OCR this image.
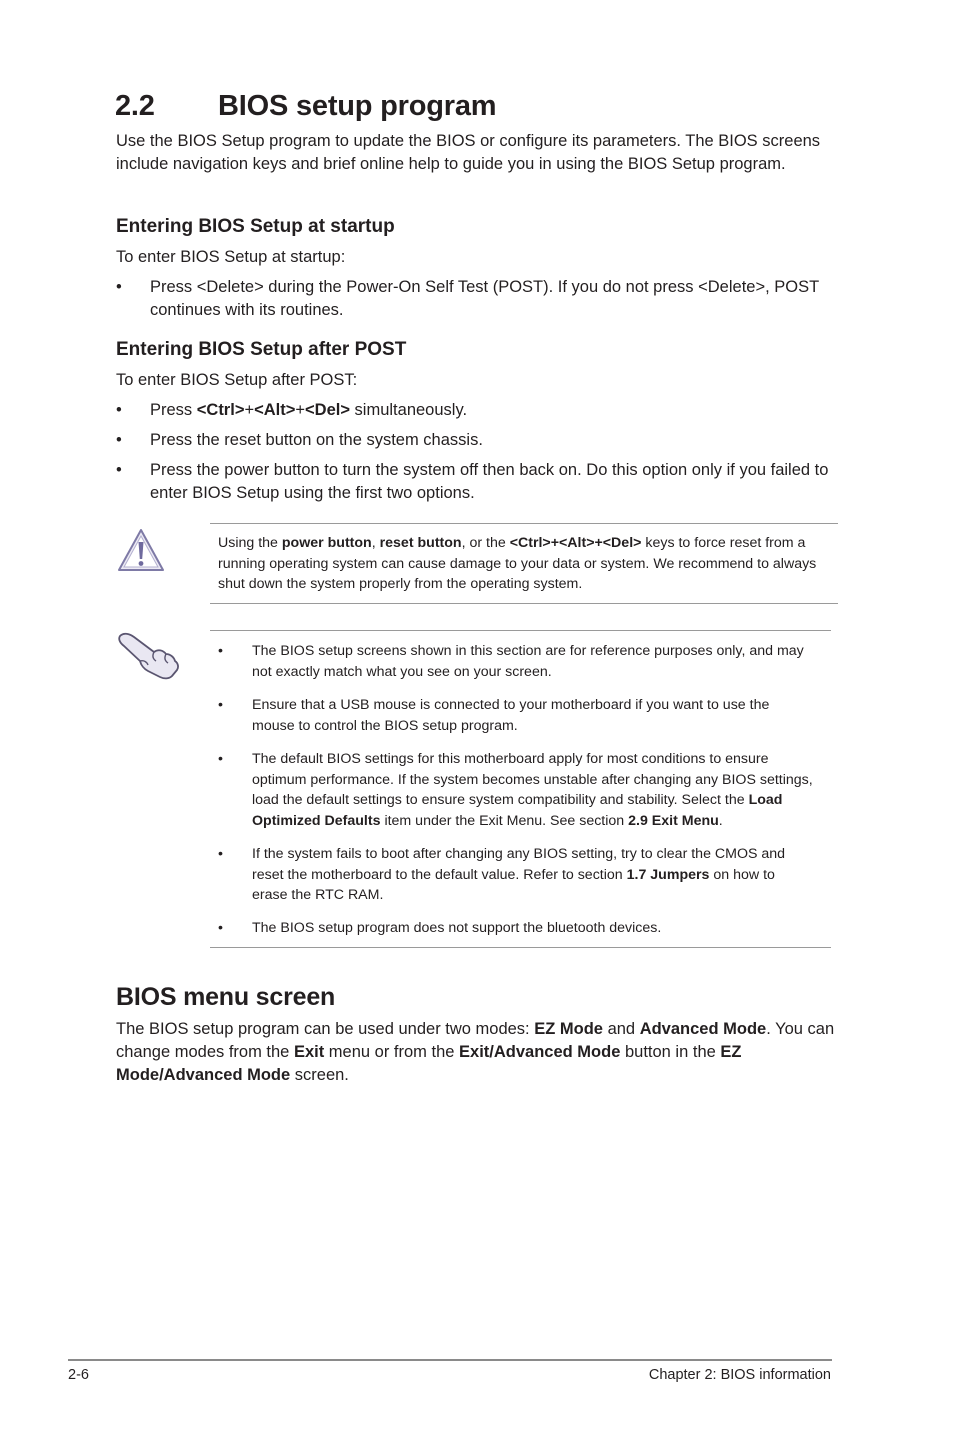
2.2 BIOS setup program

Use the BIOS Setup program to update the BIOS or configure its parameters. The BIOS screens include navigation keys and brief online help to guide you in using the BIOS Setup program.

Entering BIOS Setup at startup

To enter BIOS Setup at startup:

• Press <Delete> during the Power-On Self Test (POST). If you do not press <Delete>, POST continues with its routines.
Entering BIOS Setup after POST

To enter BIOS Setup after POST:

• Press <Ctrl>+<Alt>+<Del> simultaneously.
• Press the reset button on the system chassis.
• Press the power button to turn the system off then back on. Do this option only if you failed to enter BIOS Setup using the first two options.

Using the power button, reset button, or the <Ctrl>+<Alt>+<Del> keys to force reset from a running operating system can cause damage to your data or system. We recommend to always shut down the system properly from the operating system.

• The BIOS setup screens shown in this section are for reference purposes only, and may not exactly match what you see on your screen.
• Ensure that a USB mouse is connected to your motherboard if you want to use the mouse to control the BIOS setup program.
• The default BIOS settings for this motherboard apply for most conditions to ensure optimum performance. If the system becomes unstable after changing any BIOS settings, load the default settings to ensure system compatibility and stability. Select the Load Optimized Defaults item under the Exit Menu. See section 2.9 Exit Menu.
• If the system fails to boot after changing any BIOS setting, try to clear the CMOS and reset the motherboard to the default value. Refer to section 1.7 Jumpers on how to erase the RTC RAM.
• The BIOS setup program does not support the bluetooth devices.
BIOS menu screen

The BIOS setup program can be used under two modes: EZ Mode and Advanced Mode. You can change modes from the Exit menu or from the Exit/Advanced Mode button in the EZ Mode/Advanced Mode screen.

2-6	Chapter 2: BIOS information
